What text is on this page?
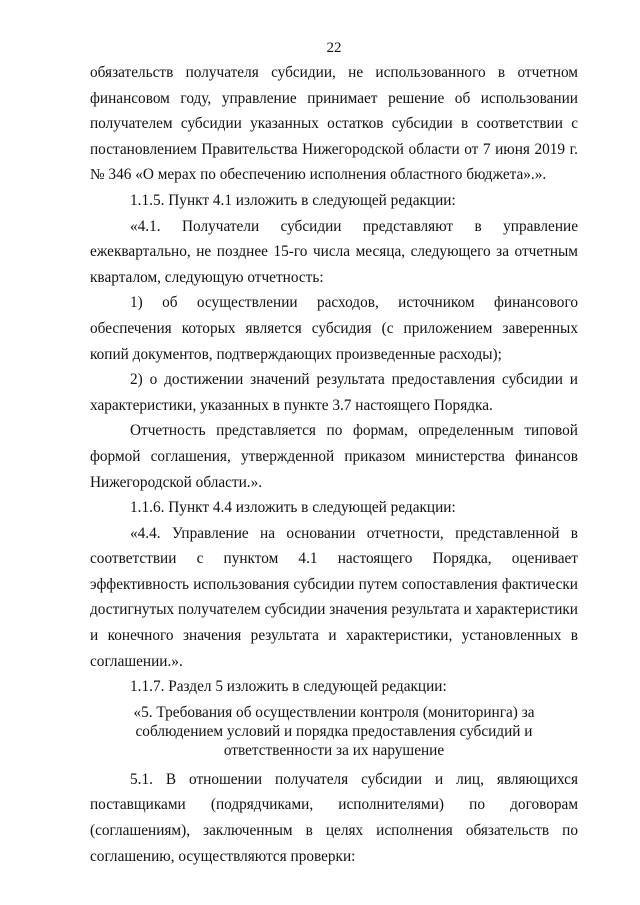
22

обязательств получателя субсидии, не использованного в отчетном финансовом году, управление принимает решение об использовании получателем субсидии указанных остатков субсидии в соответствии с постановлением Правительства Нижегородской области от 7 июня 2019 г. № 346 «О мерах по обеспечению исполнения областного бюджета».».

1.1.5. Пункт 4.1 изложить в следующей редакции:

«4.1. Получатели субсидии представляют в управление ежеквартально, не позднее 15-го числа месяца, следующего за отчетным кварталом, следующую отчетность:

1) об осуществлении расходов, источником финансового обеспечения которых является субсидия (с приложением заверенных копий документов, подтверждающих произведенные расходы);

2) о достижении значений результата предоставления субсидии и характеристики, указанных в пункте 3.7 настоящего Порядка.

Отчетность представляется по формам, определенным типовой формой соглашения, утвержденной приказом министерства финансов Нижегородской области.».

1.1.6. Пункт 4.4 изложить в следующей редакции:

«4.4. Управление на основании отчетности, представленной в соответствии с пунктом 4.1 настоящего Порядка, оценивает эффективность использования субсидии путем сопоставления фактически достигнутых получателем субсидии значения результата и характеристики и конечного значения результата и характеристики, установленных в соглашении.».

1.1.7. Раздел 5 изложить в следующей редакции:

«5. Требования об осуществлении контроля (мониторинга) за соблюдением условий и порядка предоставления субсидий и ответственности за их нарушение

5.1. В отношении получателя субсидии и лиц, являющихся поставщиками (подрядчиками, исполнителями) по договорам (соглашениям), заключенным в целях исполнения обязательств по соглашению, осуществляются проверки:
